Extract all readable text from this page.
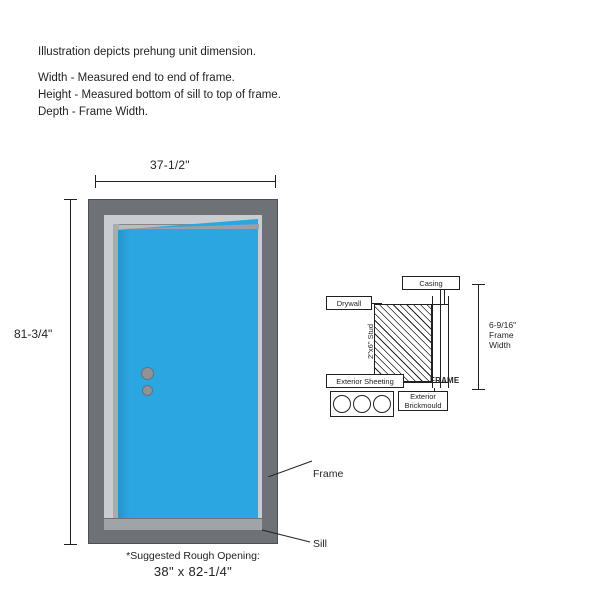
Illustration depicts prehung unit dimension.
Width - Measured end to end of frame.
Height - Measured bottom of sill to top of frame.
Depth - Frame Width.
37-1/2"
81-3/4"
Frame
Sill
*Suggested Rough Opening:
38" x 82-1/4"
Casing
Drywall
2"x6" Stud
Exterior Sheeting	FRAME
Exterior
Brickmould
6-9/16"
Frame
Width
